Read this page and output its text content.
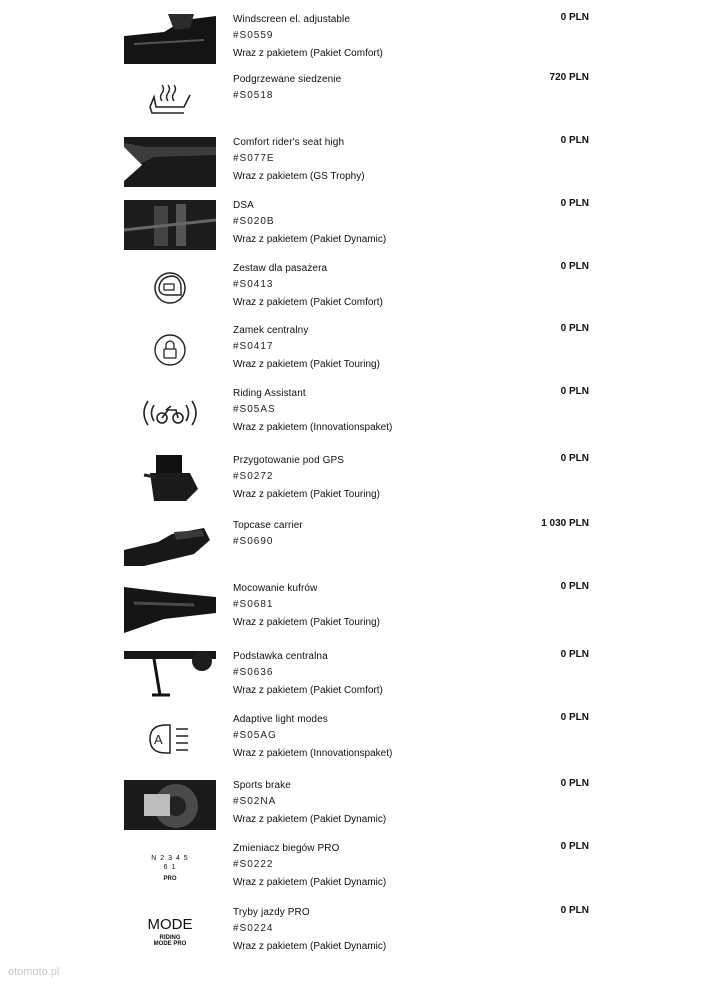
Windscreen el. adjustable
#S0559
Wraz z pakietem (Pakiet Comfort)
0 PLN
Podgrzewane siedzenie
#S0518
720 PLN
Comfort rider's seat high
#S077E
Wraz z pakietem (GS Trophy)
0 PLN
DSA
#S020B
Wraz z pakietem (Pakiet Dynamic)
0 PLN
Zestaw dla pasażera
#S0413
Wraz z pakietem (Pakiet Comfort)
0 PLN
Zamek centralny
#S0417
Wraz z pakietem (Pakiet Touring)
0 PLN
Riding Assistant
#S05AS
Wraz z pakietem (Innovationspaket)
0 PLN
Przygotowanie pod GPS
#S0272
Wraz z pakietem (Pakiet Touring)
0 PLN
Topcase carrier
#S0690
1 030 PLN
Mocowanie kufrów
#S0681
Wraz z pakietem (Pakiet Touring)
0 PLN
Podstawka centralna
#S0636
Wraz z pakietem (Pakiet Comfort)
0 PLN
A
Adaptive light modes
#S05AG
Wraz z pakietem (Innovationspaket)
0 PLN
Sports brake
#S02NA
Wraz z pakietem (Pakiet Dynamic)
0 PLN
N 2 3 4 5 6 1
PRO
Zmieniacz biegów PRO
#S0222
Wraz z pakietem (Pakiet Dynamic)
0 PLN
MODE
RIDING
MODE PRO
Tryby jazdy PRO
#S0224
Wraz z pakietem (Pakiet Dynamic)
0 PLN
otomoto.pl
